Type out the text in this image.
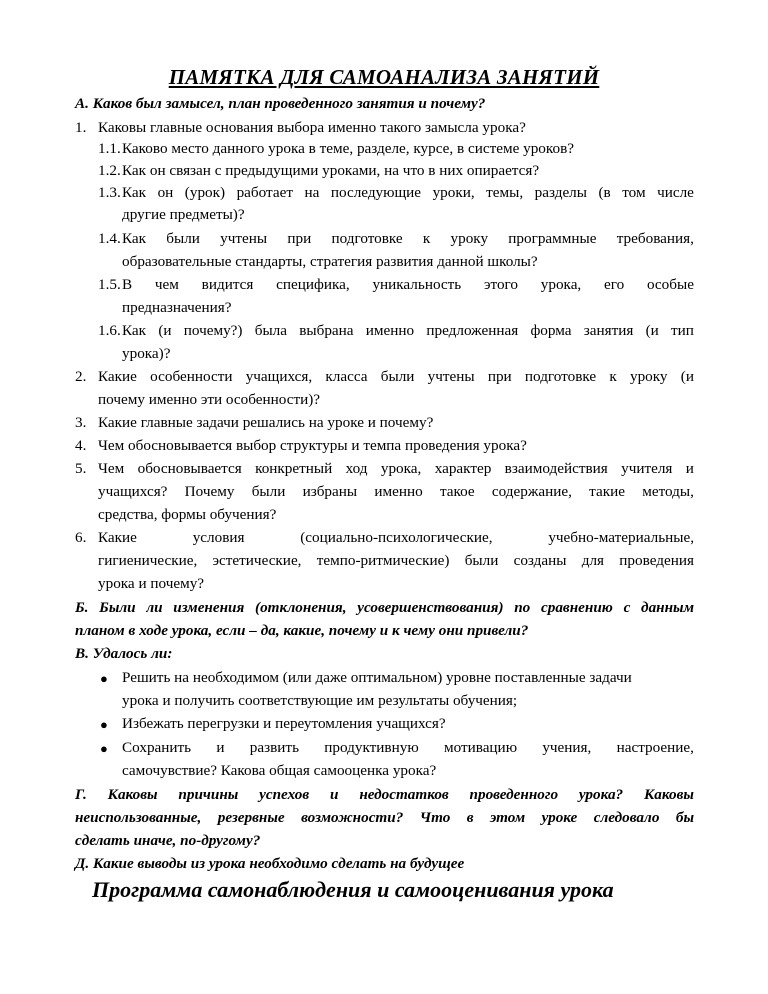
ПАМЯТКА ДЛЯ САМОАНАЛИЗА ЗАНЯТИЙ
А. Каков был замысел, план проведенного занятия и почему?
1. Каковы главные основания выбора именно такого замысла урока?
1.1. Каково место данного урока в теме, разделе, курсе, в системе уроков?
1.2. Как он связан с предыдущими уроками, на что в них опирается?
1.3. Как он (урок) работает на последующие уроки, темы, разделы (в том числе
другие предметы)?
1.4. Как были учтены при подготовке к уроку программные требования,
образовательные стандарты, стратегия развития данной школы?
1.5. В чем видится специфика, уникальность этого урока, его особые
предназначения?
1.6. Как (и почему?) была выбрана именно предложенная форма занятия (и тип
урока)?
2. Какие особенности учащихся, класса были учтены при подготовке к уроку (и
почему именно эти особенности)?
3. Какие главные задачи решались на уроке и почему?
4. Чем обосновывается выбор структуры и темпа проведения урока?
5. Чем обосновывается конкретный ход урока, характер взаимодействия учителя и
учащихся? Почему были избраны именно такое содержание, такие методы,
средства, формы обучения?
6. Какие	условия	(социально-психологические,	учебно-материальные,
гигиенические, эстетические, темпо-ритмические) были созданы для проведения
урока и почему?
Б. Были ли изменения (отклонения, усовершенствования) по сравнению с данным
планом в ходе урока, если – да, какие, почему и к чему они привели?
В. Удалось ли:
● Решить на необходимом (или даже оптимальном) уровне поставленные задачи
урока и получить соответствующие им результаты обучения;
● Избежать перегрузки и переутомления учащихся?
● Сохранить и развить продуктивную мотивацию учения, настроение,
самочувствие? Какова общая самооценка урока?
Г. Каковы причины успехов и недостатков проведенного урока? Каковы
неиспользованные, резервные возможности? Что в этом уроке следовало бы
сделать иначе, по-другому?
Д. Какие выводы из урока необходимо сделать на будущее
Программа самонаблюдения и самооценивания урока
